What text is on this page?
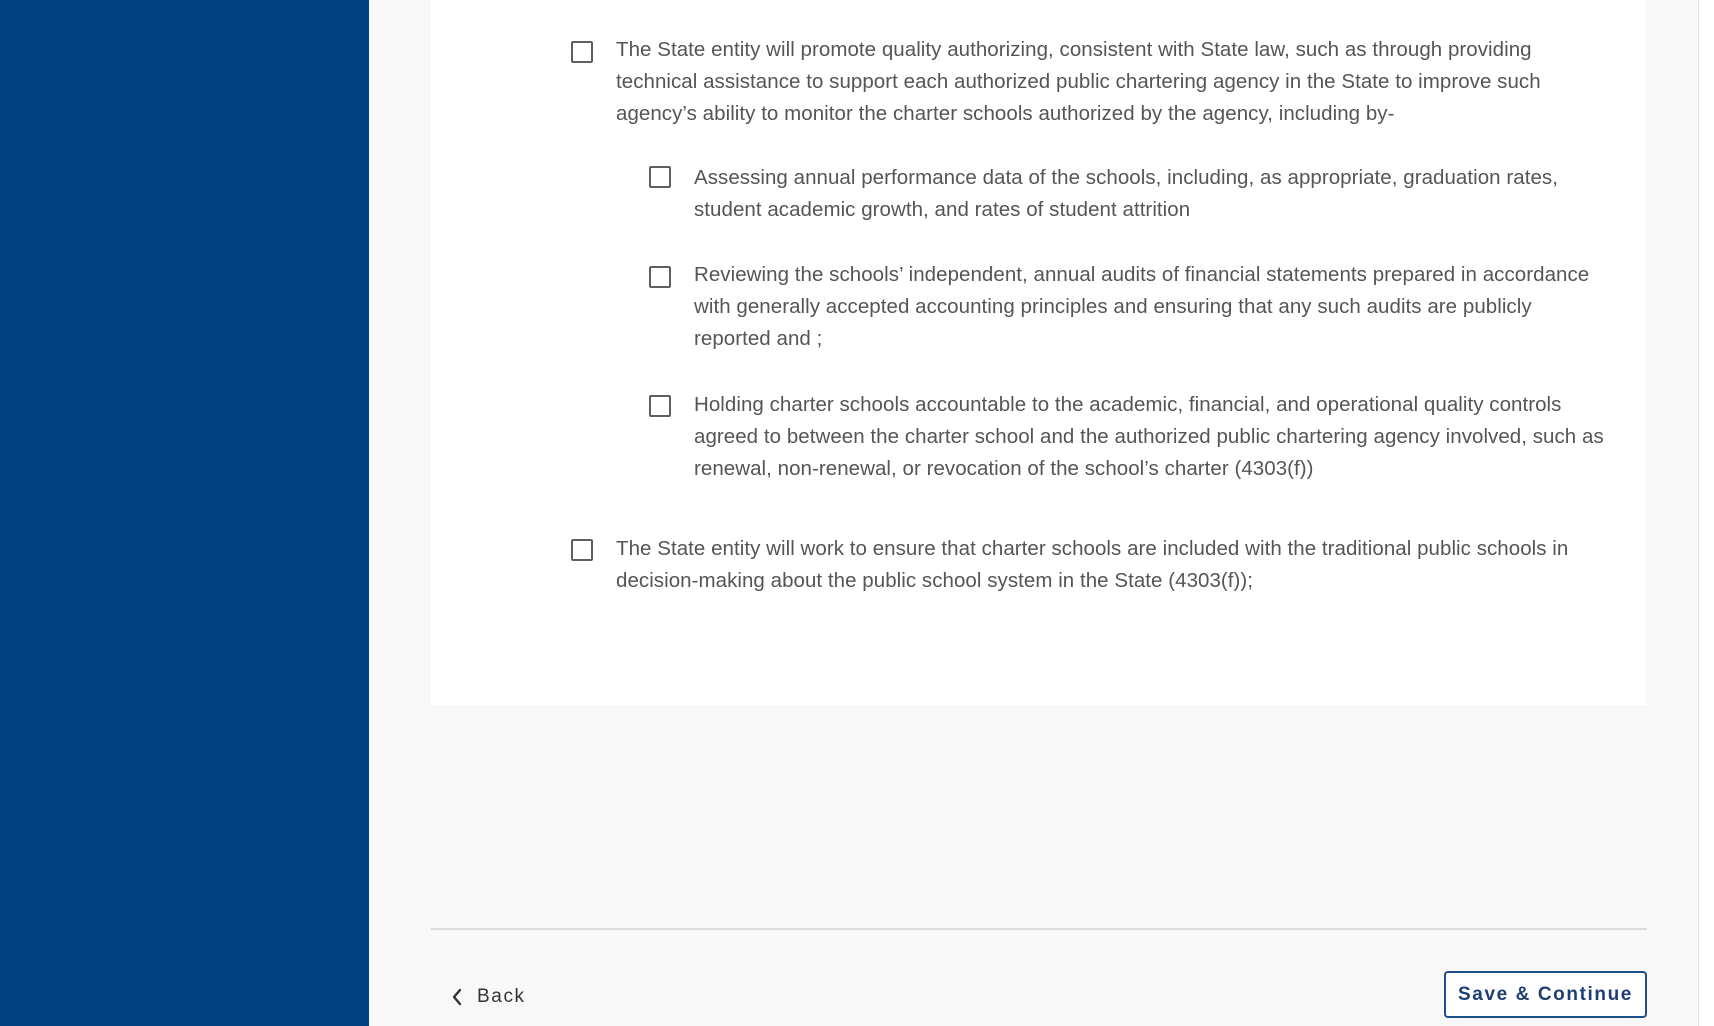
The State entity will promote quality authorizing, consistent with State law, such as through providing technical assistance to support each authorized public chartering agency in the State to improve such agency’s ability to monitor the charter schools authorized by the agency, including by-
Assessing annual performance data of the schools, including, as appropriate, graduation rates, student academic growth, and rates of student attrition
Reviewing the schools’ independent, annual audits of financial statements prepared in accordance with generally accepted accounting principles and ensuring that any such audits are publicly reported and ;
Holding charter schools accountable to the academic, financial, and operational quality controls agreed to between the charter school and the authorized public chartering agency involved, such as renewal, non-renewal, or revocation of the school’s charter (4303(f))
The State entity will work to ensure that charter schools are included with the traditional public schools in decision-making about the public school system in the State (4303(f));
Back	Save & Continue
